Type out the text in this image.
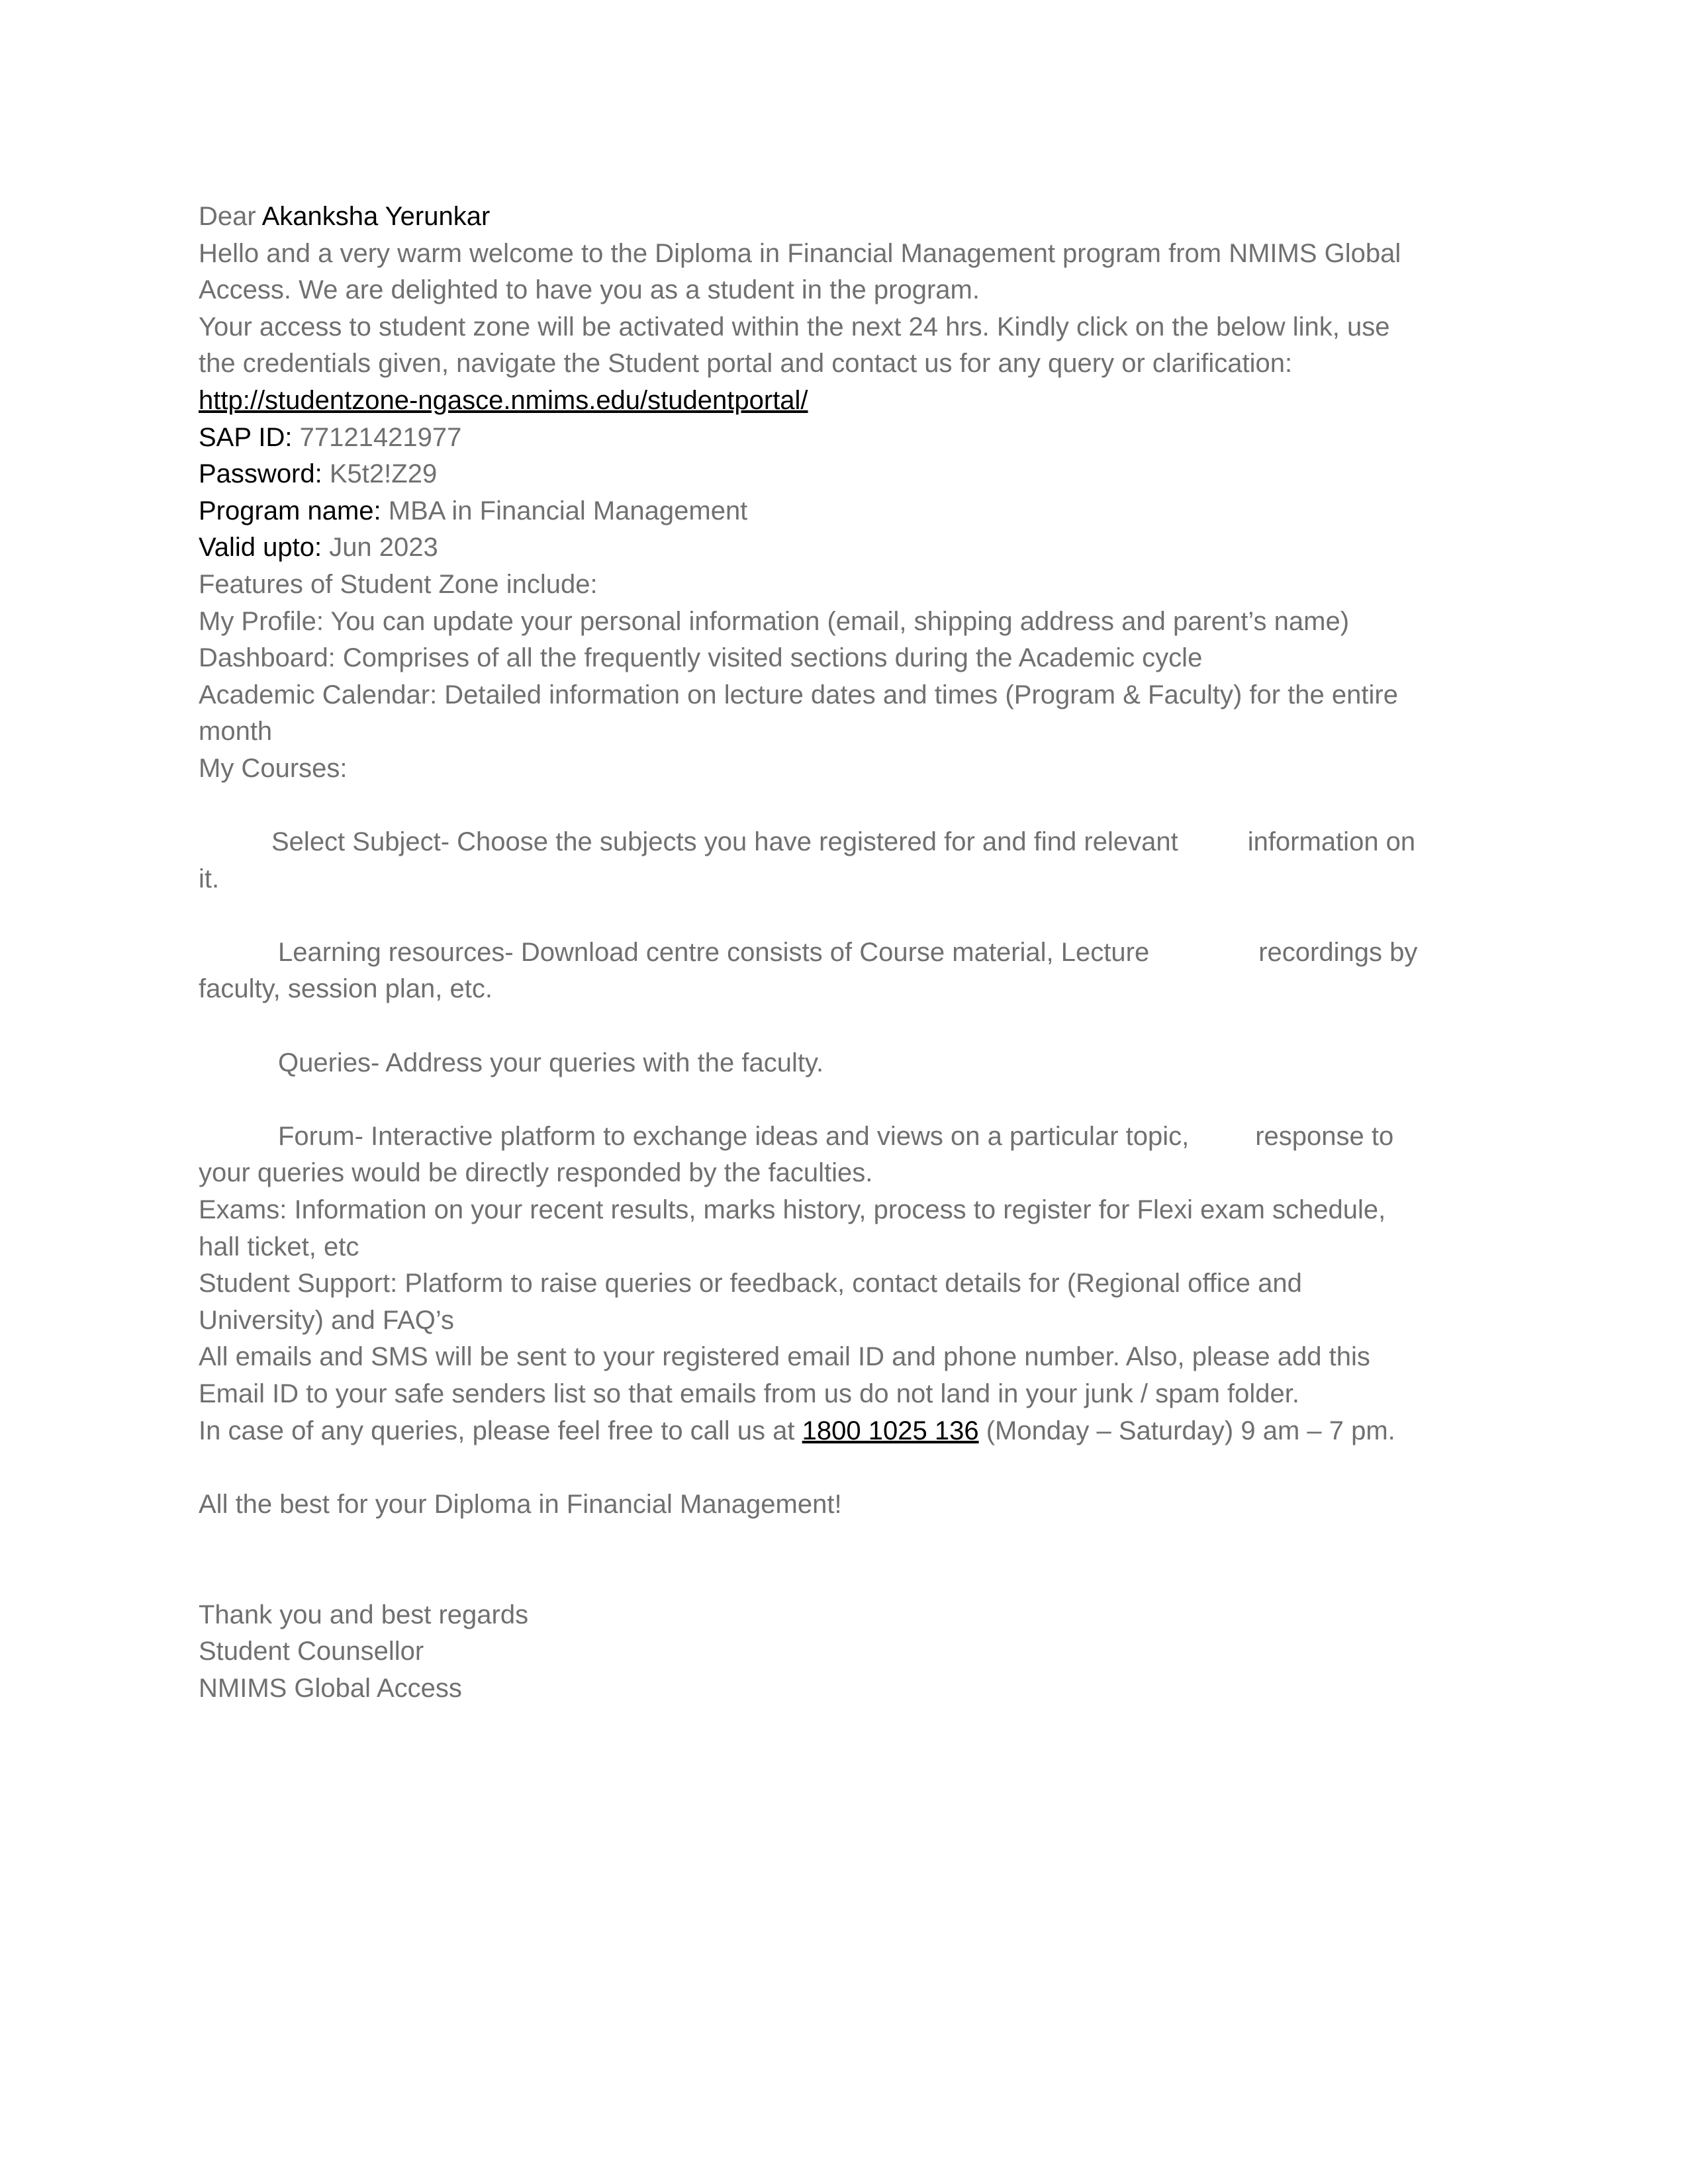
Dear Akanksha Yerunkar
Hello and a very warm welcome to the Diploma in Financial Management program from NMIMS Global
Access. We are delighted to have you as a student in the program.
Your access to student zone will be activated within the next 24 hrs. Kindly click on the below link, use
the credentials given, navigate the Student portal and contact us for any query or clarification:
http://studentzone-ngasce.nmims.edu/studentportal/
SAP ID: 77121421977
Password: K5t2!Z29
Program name: MBA in Financial Management
Valid upto: Jun 2023
Features of Student Zone include:
My Profile: You can update your personal information (email, shipping address and parent’s name)
Dashboard: Comprises of all the frequently visited sections during the Academic cycle
Academic Calendar: Detailed information on lecture dates and times (Program & Faculty) for the entire
month
My Courses:
Select Subject- Choose the subjects you have registered for and find relevant	information on
it.
Learning resources- Download centre consists of Course material, Lecture	recordings by
faculty, session plan, etc.
Queries- Address your queries with the faculty.
Forum- Interactive platform to exchange ideas and views on a particular topic,	response to
your queries would be directly responded by the faculties.
Exams: Information on your recent results, marks history, process to register for Flexi exam schedule,
hall ticket, etc
Student Support: Platform to raise queries or feedback, contact details for (Regional office and
University) and FAQ’s
All emails and SMS will be sent to your registered email ID and phone number. Also, please add this
Email ID to your safe senders list so that emails from us do not land in your junk / spam folder.
In case of any queries, please feel free to call us at 1800 1025 136 (Monday – Saturday) 9 am – 7 pm.
All the best for your Diploma in Financial Management!
Thank you and best regards
Student Counsellor
NMIMS Global Access
